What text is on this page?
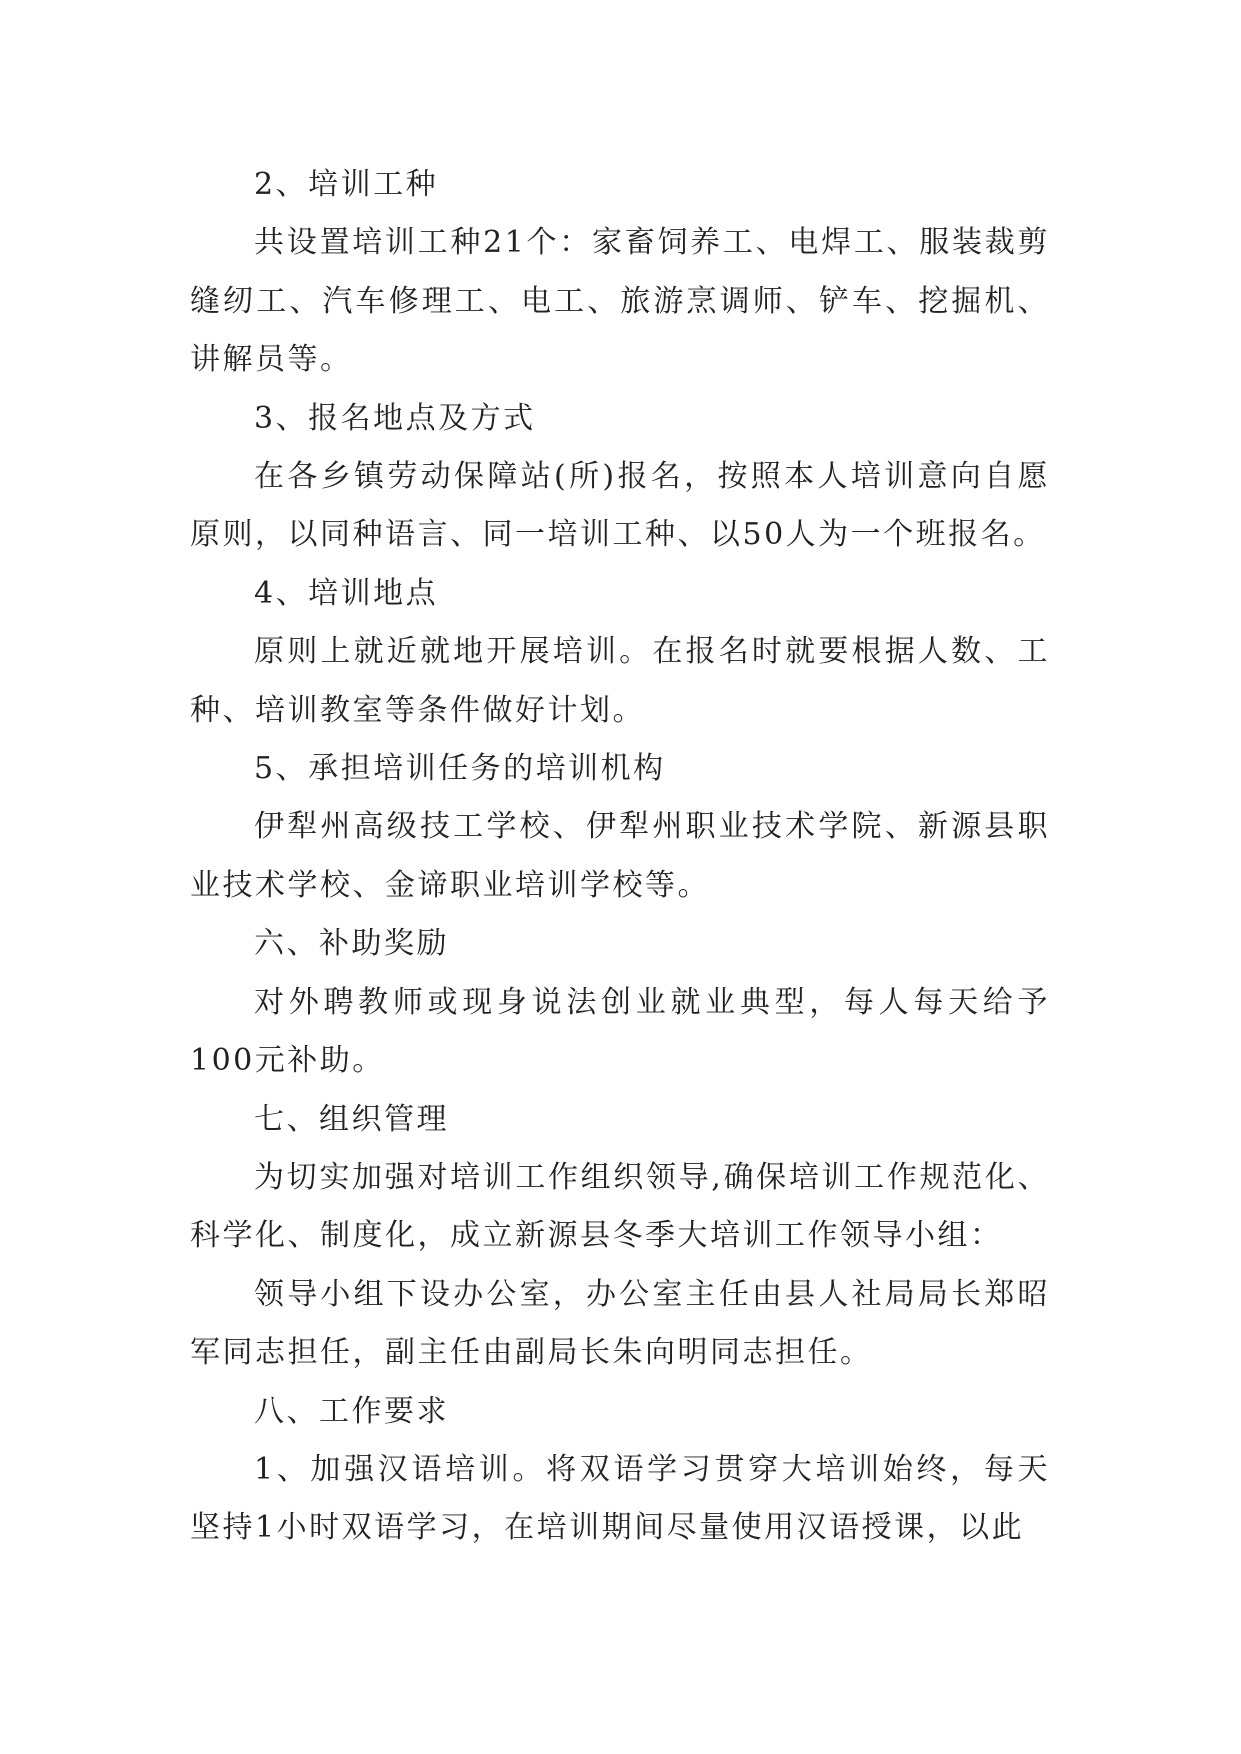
2、培训工种

共设置培训工种21个：家畜饲养工、电焊工、服装裁剪缝纫工、汽车修理工、电工、旅游烹调师、铲车、挖掘机、讲解员等。

3、报名地点及方式

在各乡镇劳动保障站(所)报名，按照本人培训意向自愿原则，以同种语言、同一培训工种、以50人为一个班报名。

4、培训地点

原则上就近就地开展培训。在报名时就要根据人数、工种、培训教室等条件做好计划。

5、承担培训任务的培训机构

伊犁州高级技工学校、伊犁州职业技术学院、新源县职业技术学校、金谛职业培训学校等。

六、补助奖励

对外聘教师或现身说法创业就业典型，每人每天给予100元补助。

七、组织管理

为切实加强对培训工作组织领导,确保培训工作规范化、科学化、制度化，成立新源县冬季大培训工作领导小组：

领导小组下设办公室，办公室主任由县人社局局长郑昭军同志担任，副主任由副局长朱向明同志担任。

八、工作要求

1、加强汉语培训。将双语学习贯穿大培训始终，每天坚持1小时双语学习，在培训期间尽量使用汉语授课，以此
